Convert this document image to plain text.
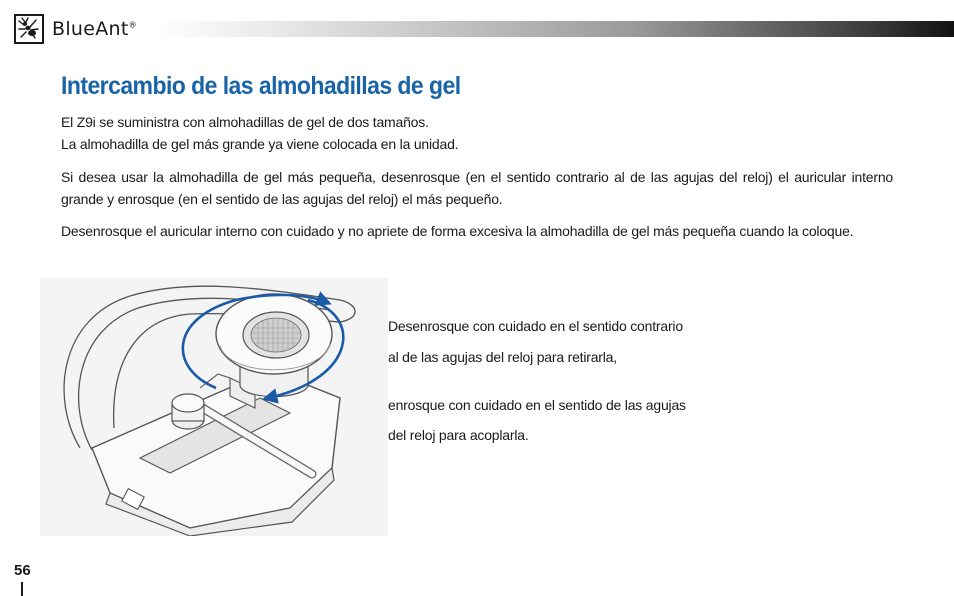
BlueAnt®
Intercambio de las almohadillas de gel

El Z9i se suministra con almohadillas de gel de dos tamaños.

La almohadilla de gel más grande ya viene colocada en la unidad.

Si desea usar la almohadilla de gel más pequeña, desenrosque (en el sentido contrario al de las agujas del reloj) el auricular interno grande y enrosque (en el sentido de las agujas del reloj) el más pequeño.

Desenrosque el auricular interno con cuidado y no apriete de forma excesiva la almohadilla de gel más pequeña cuando la coloque.

Desenrosque con cuidado en el sentido contrario

al de las agujas del reloj para retirarla,

enrosque con cuidado en el sentido de las agujas

del reloj para acoplarla.

56
